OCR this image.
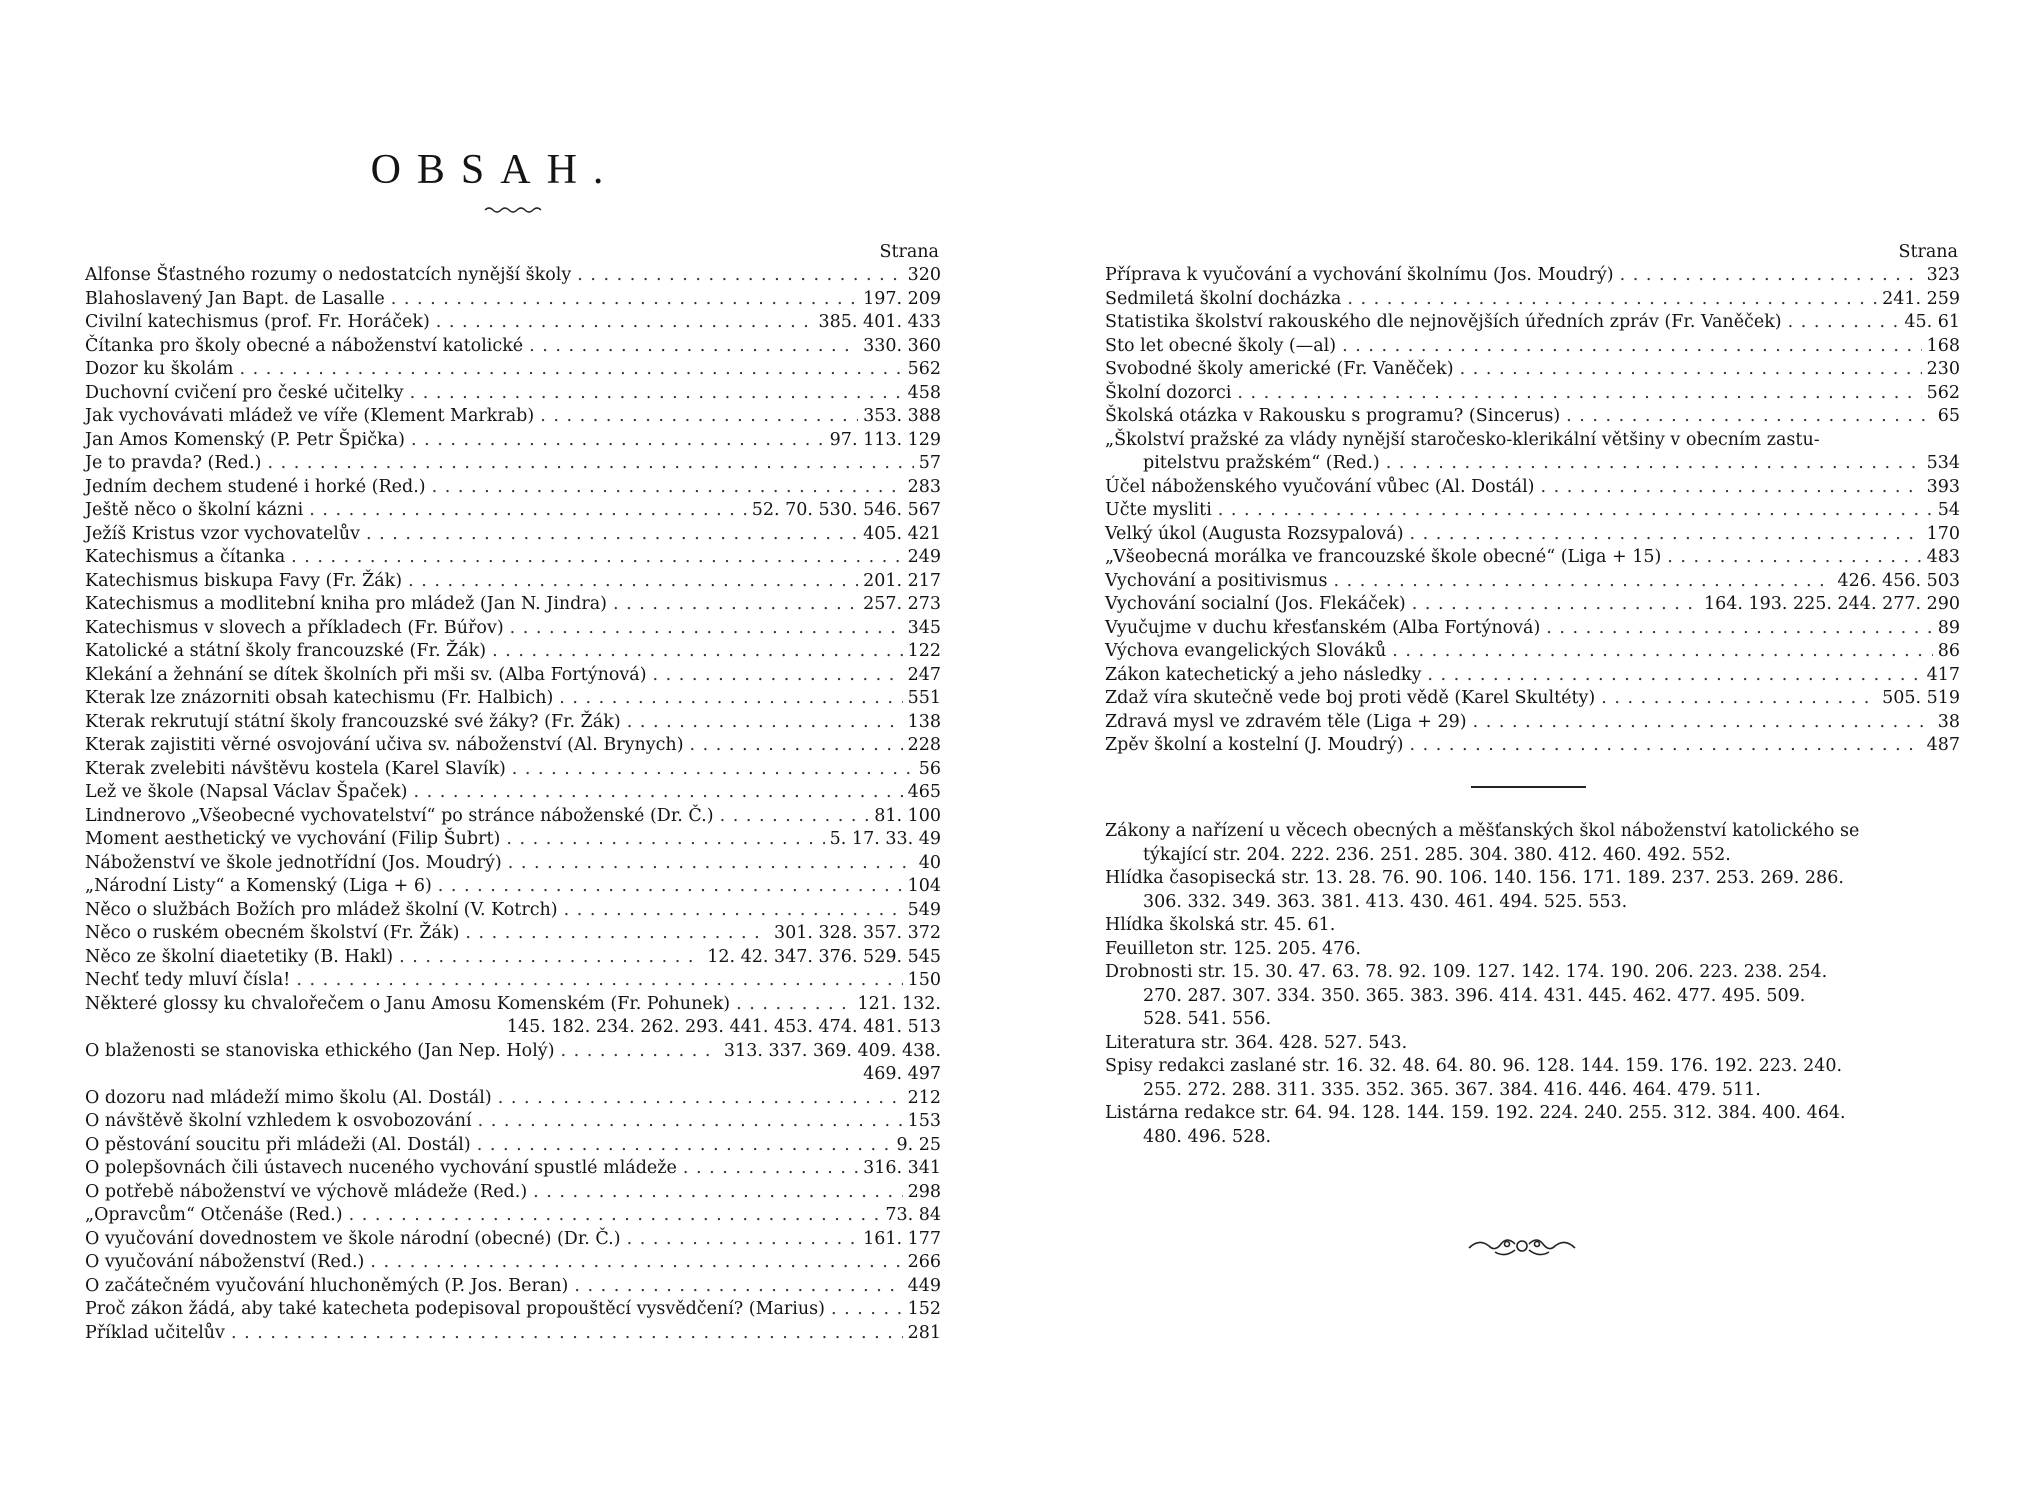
OBSAH.
Strana
Alfonse Šťastného rozumy o nedostatcích nynější školy . . .	320
Blahoslavený Jan Bapt. de Lasalle . . .	197. 209
Civilní katechismus (prof. Fr. Horáček) . . .	385. 401. 433
Čítanka pro školy obecné a náboženství katolické . . .	330. 360
Dozor ku školám . . .	562
Duchovní cvičení pro české učitelky . . .	458
Jak vychovávati mládež ve víře (Klement Markrab) . . .	353. 388
Jan Amos Komenský (P. Petr Špička) . . .	97. 113. 129
Je to pravda? (Red.) . . .	57
Jedním dechem studené i horké (Red.) . . .	283
Ještě něco o školní kázni . . .	52. 70. 530. 546. 567
Ježíš Kristus vzor vychovatelův . . .	405. 421
Katechismus a čítanka . . .	249
Katechismus biskupa Favy (Fr. Žák) . . .	201. 217
Katechismus a modlitební kniha pro mládež (Jan N. Jindra) . . .	257. 273
Katechismus v slovech a příkladech (Fr. Búřov) . . .	345
Katolické a státní školy francouzské (Fr. Žák) . . .	122
Klekání a žehnání se dítek školních při mši sv. (Alba Fortýnová) . . .	247
Kterak lze znázorniti obsah katechismu (Fr. Halbich) . . .	551
Kterak rekrutují státní školy francouzské své žáky? (Fr. Žák) . . .	138
Kterak zajistiti věrné osvojování učiva sv. náboženství (Al. Brynych) . . .	228
Kterak zvelebiti návštěvu kostela (Karel Slavík) . . .	56
Lež ve škole (Napsal Václav Špaček) . . .	465
Lindnerovo „Všeobecné vychovatelství“ po stránce náboženské (Dr. Č.) . . .	81. 100
Moment aesthetický ve vychování (Filip Šubrt) . . .	5. 17. 33. 49
Náboženství ve škole jednotřídní (Jos. Moudrý) . . .	40
„Národní Listy“ a Komenský (Liga + 6) . . .	104
Něco o službách Božích pro mládež školní (V. Kotrch) . . .	549
Něco o ruském obecném školství (Fr. Žák) . . .	301. 328. 357. 372
Něco ze školní diaetetiky (B. Hakl) . . .	12. 42. 347. 376. 529. 545
Nechť tedy mluví čísla! . . .	150
Některé glossy ku chvalořečem o Janu Amosu Komenském (Fr. Pohunek) . . .	121. 132.
145. 182. 234. 262. 293. 441. 453. 474. 481. 513
O blaženosti se stanoviska ethického (Jan Nep. Holý) . . .	313. 337. 369. 409. 438.
469. 497
O dozoru nad mládeží mimo školu (Al. Dostál) . . .	212
O návštěvě školní vzhledem k osvobozování . . .	153
O pěstování soucitu při mládeži (Al. Dostál) . . .	9. 25
O polepšovnách čili ústavech nuceného vychování spustlé mládeže . . .	316. 341
O potřebě náboženství ve výchově mládeže (Red.) . . .	298
„Opravcům“ Otčenáše (Red.) . . .	73. 84
O vyučování dovednostem ve škole národní (obecné) (Dr. Č.) . . .	161. 177
O vyučování náboženství (Red.) . . .	266
O začátečném vyučování hluchoněmých (P. Jos. Beran) . . .	449
Proč zákon žádá, aby také katecheta podepisoval propouštěcí vysvědčení? (Marius) . . .	152
Příklad učitelův . . .	281
Strana
Příprava k vyučování a vychování školnímu (Jos. Moudrý) . . .	323
Sedmiletá školní docházka . . .	241. 259
Statistika školství rakouského dle nejnovějších úředních zpráv (Fr. Vaněček) . . .	45. 61
Sto let obecné školy (—al) . . .	168
Svobodné školy americké (Fr. Vaněček) . . .	230
Školní dozorci . . .	562
Školská otázka v Rakousku s programu? (Sincerus) . . .	65
„Školství pražské za vlády nynější staročesko-klerikální většiny v obecním zastu-
pitelstvu pražském“ (Red.) . . .	534
Účel náboženského vyučování vůbec (Al. Dostál) . . .	393
Učte mysliti . . .	54
Velký úkol (Augusta Rozsypalová) . . .	170
„Všeobecná morálka ve francouzské škole obecné“ (Liga + 15) . . .	483
Vychování a positivismus . . .	426. 456. 503
Vychování socialní (Jos. Flekáček) . . .	164. 193. 225. 244. 277. 290
Vyučujme v duchu křesťanském (Alba Fortýnová) . . .	89
Výchova evangelických Slováků . . .	86
Zákon katechetický a jeho následky . . .	417
Zdaž víra skutečně vede boj proti vědě (Karel Skultéty) . . .	505. 519
Zdravá mysl ve zdravém těle (Liga + 29) . . .	38
Zpěv školní a kostelní (J. Moudrý) . . .	487
Zákony a nařízení u věcech obecných a měšťanských škol náboženství katolického se
týkající str. 204. 222. 236. 251. 285. 304. 380. 412. 460. 492. 552.
Hlídka časopisecká str. 13. 28. 76. 90. 106. 140. 156. 171. 189. 237. 253. 269. 286.
306. 332. 349. 363. 381. 413. 430. 461. 494. 525. 553.
Hlídka školská str. 45. 61.
Feuilleton str. 125. 205. 476.
Drobnosti str. 15. 30. 47. 63. 78. 92. 109. 127. 142. 174. 190. 206. 223. 238. 254.
270. 287. 307. 334. 350. 365. 383. 396. 414. 431. 445. 462. 477. 495. 509.
528. 541. 556.
Literatura str. 364. 428. 527. 543.
Spisy redakci zaslané str. 16. 32. 48. 64. 80. 96. 128. 144. 159. 176. 192. 223. 240.
255. 272. 288. 311. 335. 352. 365. 367. 384. 416. 446. 464. 479. 511.
Listárna redakce str. 64. 94. 128. 144. 159. 192. 224. 240. 255. 312. 384. 400. 464.
480. 496. 528.
